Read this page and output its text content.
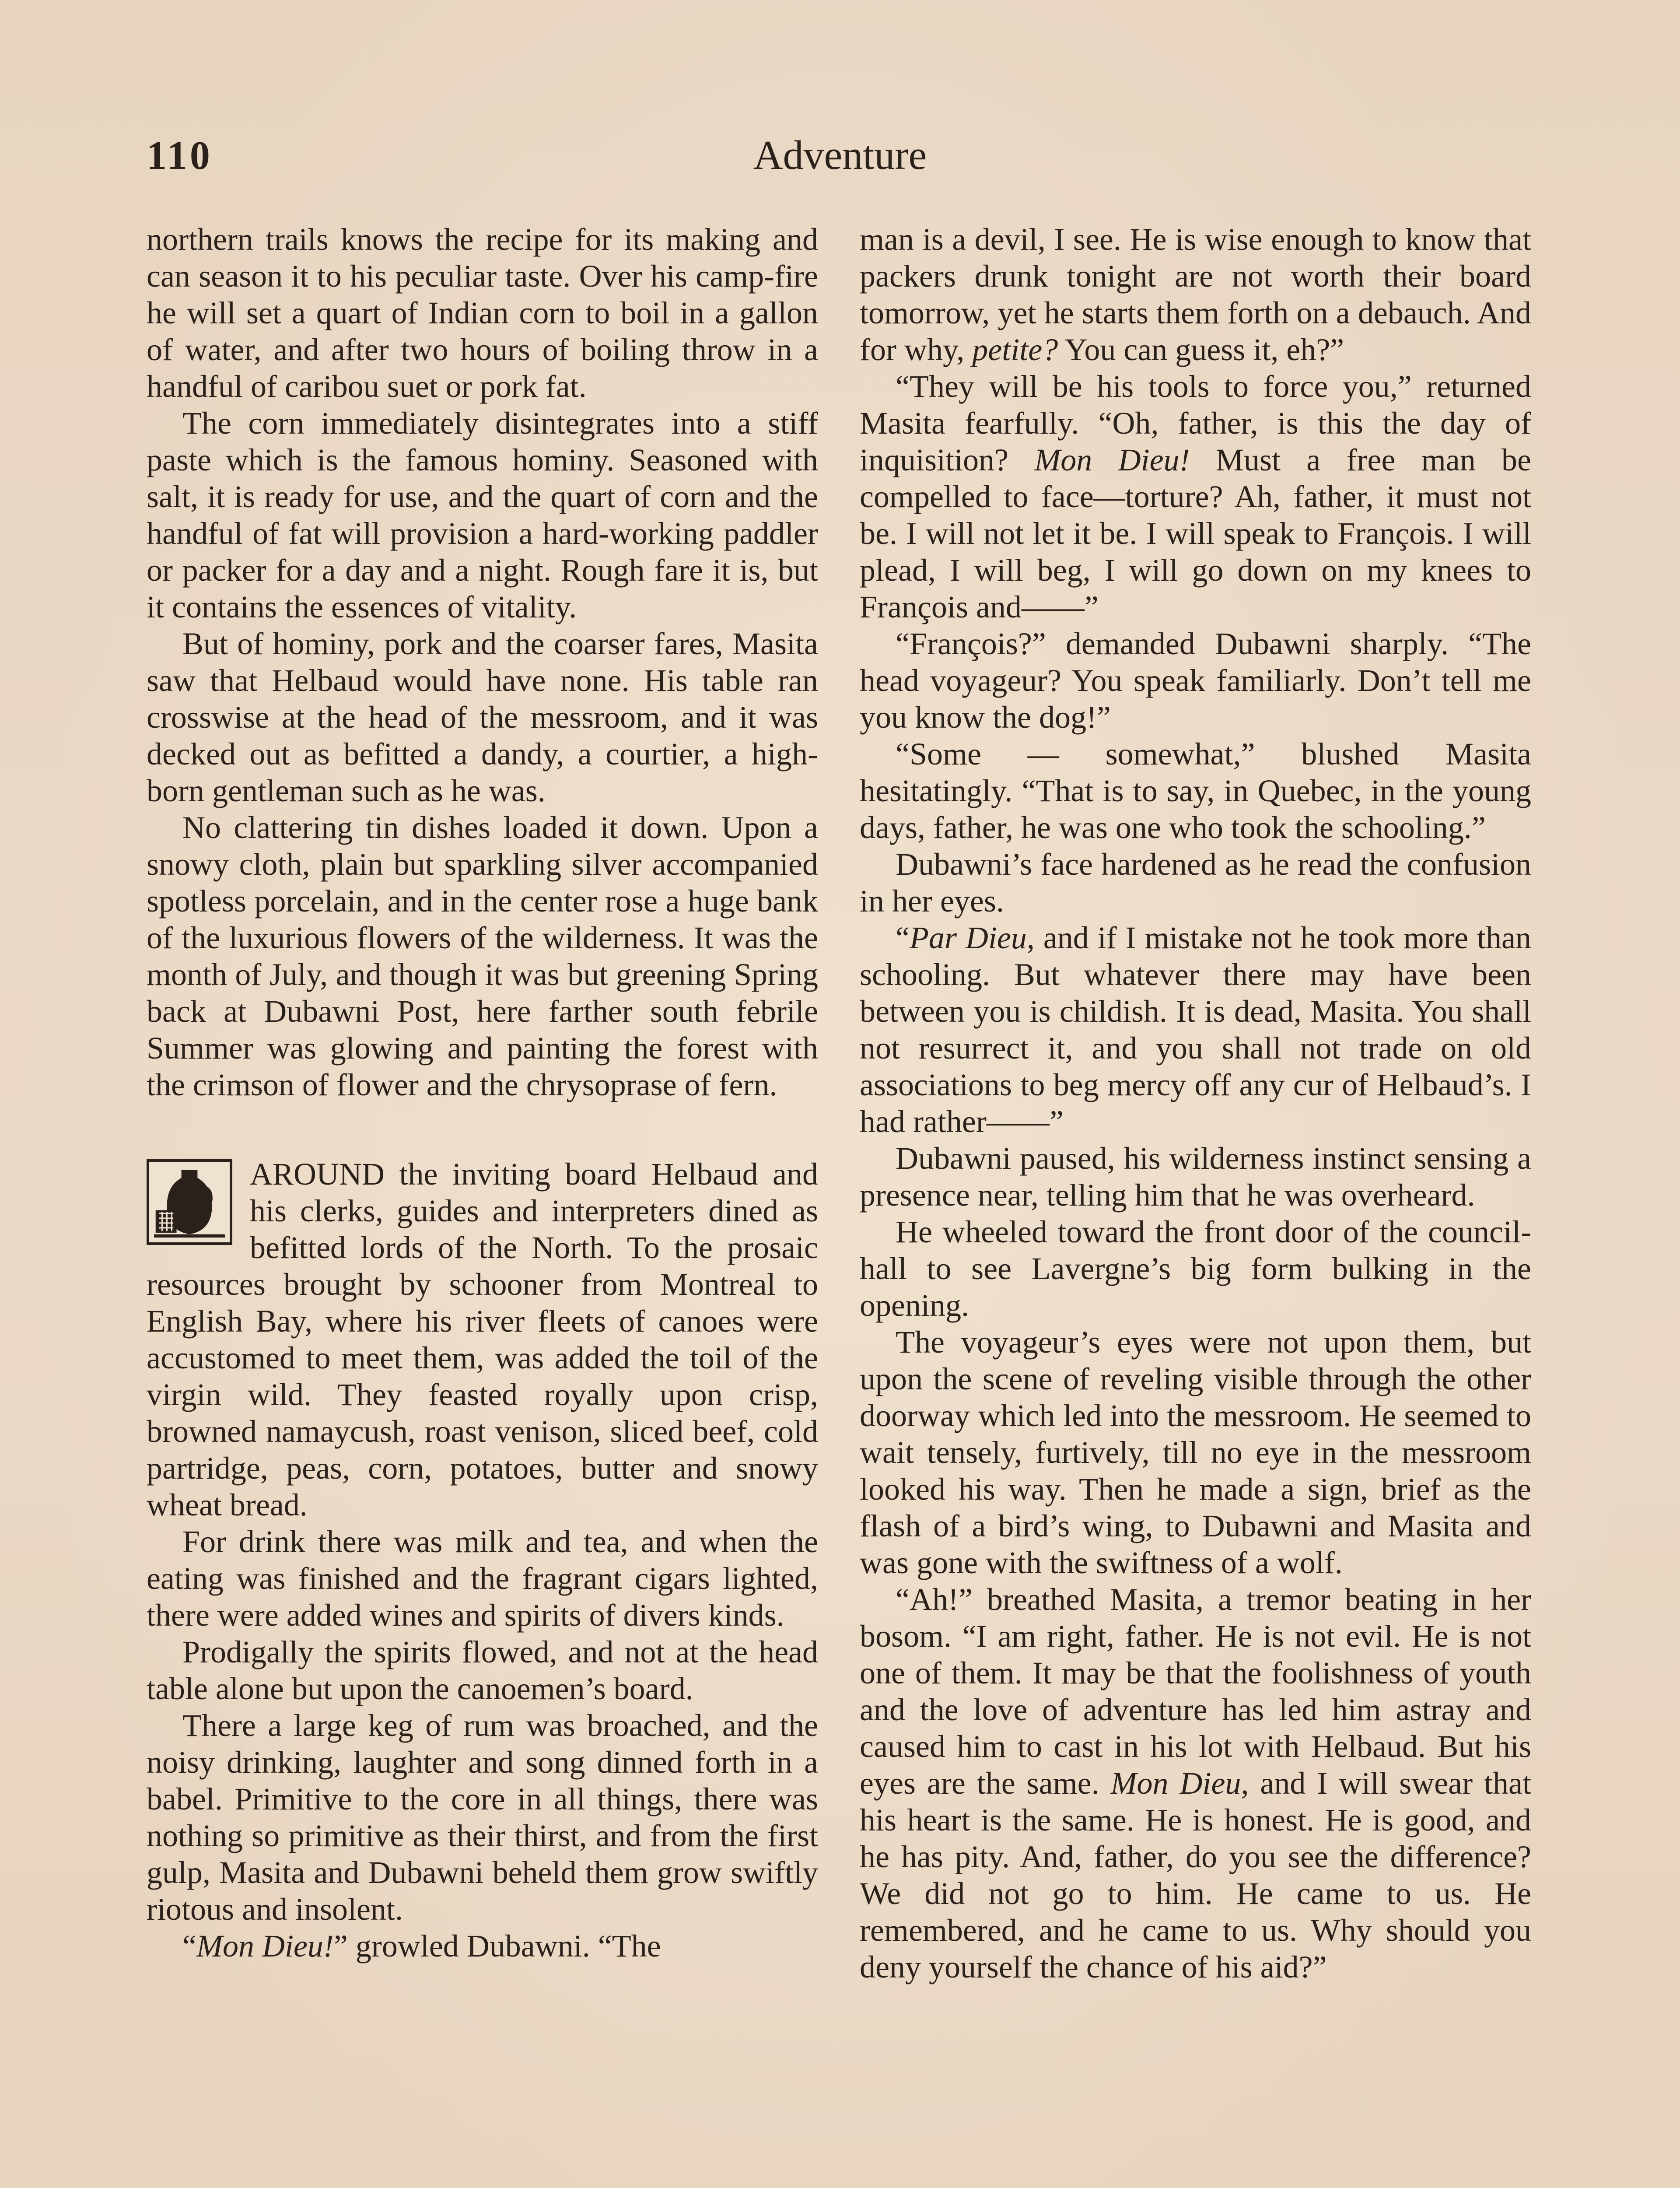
110	Adventure

northern trails knows the recipe for its making and can season it to his peculiar taste. Over his camp-fire he will set a quart of Indian corn to boil in a gallon of water, and after two hours of boiling throw in a handful of caribou suet or pork fat.

The corn immediately disintegrates into a stiff paste which is the famous hominy. Seasoned with salt, it is ready for use, and the quart of corn and the handful of fat will provision a hard-working paddler or packer for a day and a night. Rough fare it is, but it contains the essences of vitality.

But of hominy, pork and the coarser fares, Masita saw that Helbaud would have none. His table ran crosswise at the head of the messroom, and it was decked out as befitted a dandy, a courtier, a high-born gentleman such as he was.

No clattering tin dishes loaded it down. Upon a snowy cloth, plain but sparkling silver accompanied spotless porcelain, and in the center rose a huge bank of the luxurious flowers of the wilderness. It was the month of July, and though it was but greening Spring back at Dubawni Post, here farther south febrile Summer was glowing and painting the forest with the crimson of flower and the chrysoprase of fern.

AROUND the inviting board Helbaud and his clerks, guides and interpreters dined as befitted lords of the North. To the prosaic resources brought by schooner from Montreal to English Bay, where his river fleets of canoes were accustomed to meet them, was added the toil of the virgin wild. They feasted royally upon crisp, browned namaycush, roast venison, sliced beef, cold partridge, peas, corn, potatoes, butter and snowy wheat bread.

For drink there was milk and tea, and when the eating was finished and the fragrant cigars lighted, there were added wines and spirits of divers kinds.

Prodigally the spirits flowed, and not at the head table alone but upon the canoemen’s board.

There a large keg of rum was broached, and the noisy drinking, laughter and song dinned forth in a babel. Primitive to the core in all things, there was nothing so primitive as their thirst, and from the first gulp, Masita and Dubawni beheld them grow swiftly riotous and insolent.

“Mon Dieu!” growled Dubawni. “The

man is a devil, I see. He is wise enough to know that packers drunk tonight are not worth their board tomorrow, yet he starts them forth on a debauch. And for why, petite? You can guess it, eh?”

“They will be his tools to force you,” returned Masita fearfully. “Oh, father, is this the day of inquisition? Mon Dieu! Must a free man be compelled to face—torture? Ah, father, it must not be. I will not let it be. I will speak to François. I will plead, I will beg, I will go down on my knees to François and——”

“François?” demanded Dubawni sharply. “The head voyageur? You speak familiarly. Don’t tell me you know the dog!”

“Some — somewhat,” blushed Masita hesitatingly. “That is to say, in Quebec, in the young days, father, he was one who took the schooling.”

Dubawni’s face hardened as he read the confusion in her eyes.

“Par Dieu, and if I mistake not he took more than schooling. But whatever there may have been between you is childish. It is dead, Masita. You shall not resurrect it, and you shall not trade on old associations to beg mercy off any cur of Helbaud’s. I had rather——”

Dubawni paused, his wilderness instinct sensing a presence near, telling him that he was overheard.

He wheeled toward the front door of the council-hall to see Lavergne’s big form bulking in the opening.

The voyageur’s eyes were not upon them, but upon the scene of reveling visible through the other doorway which led into the messroom. He seemed to wait tensely, furtively, till no eye in the messroom looked his way. Then he made a sign, brief as the flash of a bird’s wing, to Dubawni and Masita and was gone with the swiftness of a wolf.

“Ah!” breathed Masita, a tremor beating in her bosom. “I am right, father. He is not evil. He is not one of them. It may be that the foolishness of youth and the love of adventure has led him astray and caused him to cast in his lot with Helbaud. But his eyes are the same. Mon Dieu, and I will swear that his heart is the same. He is honest. He is good, and he has pity. And, father, do you see the difference? We did not go to him. He came to us. He remembered, and he came to us. Why should you deny yourself the chance of his aid?”
